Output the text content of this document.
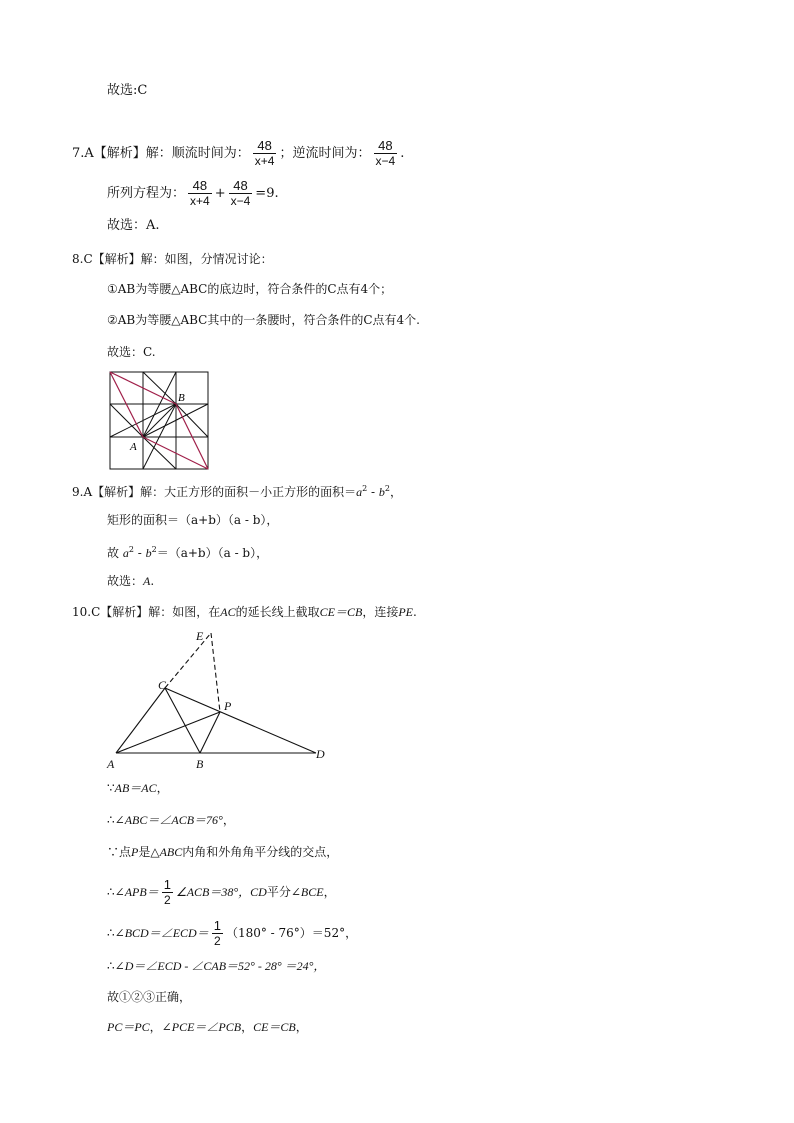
故选:C
7.A【解析】解：顺流时间为： $\frac{48}{x+4}$ ；逆流时间为： $\frac{48}{x-4}$ .
所列方程为： $\frac{48}{x+4} + \frac{48}{x-4} =9$.
故选：A.
8.C【解析】解：如图，分情况讨论：
①AB为等腰△ABC的底边时，符合条件的C点有4个；
②AB为等腰△ABC其中的一条腰时，符合条件的C点有4个.
故选：C.
B
A
9.A【解析】解：大正方形的面积－小正方形的面积$=a^2 - b^2$，
矩形的面积＝（a+b）（a - b），
故 $a^2 - b^2=(a+b)(a - b)$，
故选：A.
10.C【解析】解：如图，在AC的延长线上截取CE＝CB，连接PE.
E
C
P
A	B
D
∵AB＝AC，
∴∠ABC＝∠ACB＝76°，
∵点P是△ABC内角和外角角平分线的交点，
∴∠APB＝ $\frac{1}{2}$ ∠ACB＝38°，CD平分∠BCE，
∴∠BCD＝∠ECD＝ $\frac{1}{2} (180^\circ - 76^\circ)=52^\circ$，
∴∠D＝∠ECD - ∠CAB＝52° - 28° ＝24°，
故①②③正确，
PC＝PC，∠PCE＝∠PCB，CE＝CB，
